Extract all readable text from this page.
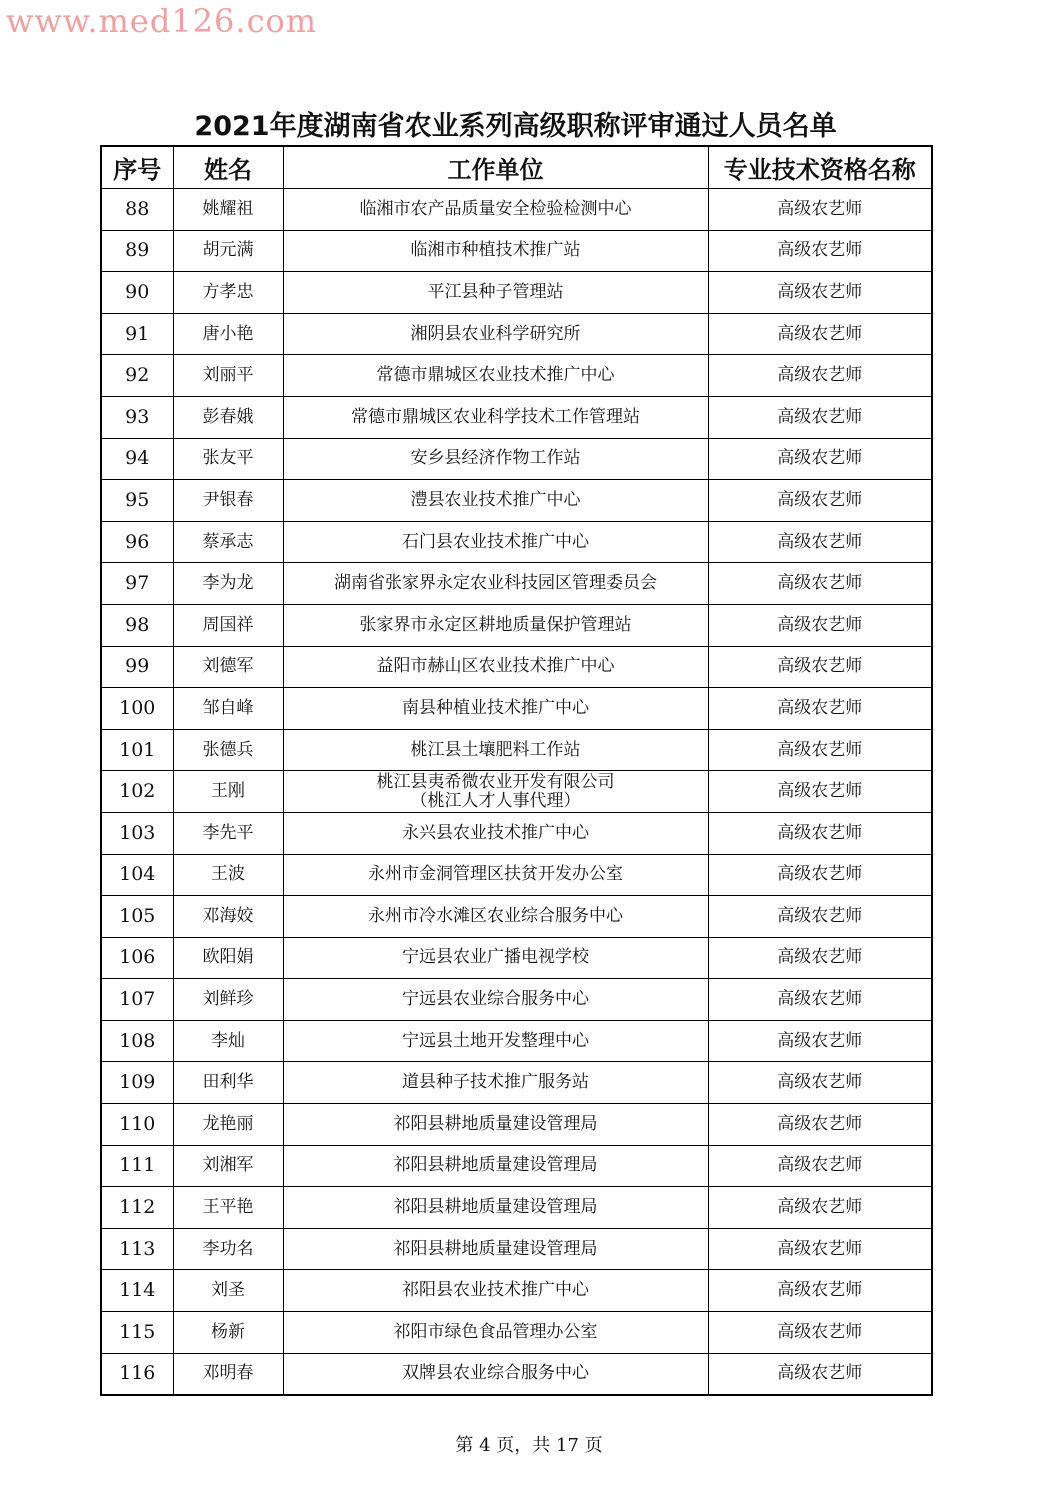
www.med126.com
2021年度湖南省农业系列高级职称评审通过人员名单
序号	姓名	工作单位	专业技术资格名称
88	姚耀祖	临湘市农产品质量安全检验检测中心	高级农艺师
89	胡元满	临湘市种植技术推广站	高级农艺师
90	方孝忠	平江县种子管理站	高级农艺师
91	唐小艳	湘阴县农业科学研究所	高级农艺师
92	刘丽平	常德市鼎城区农业技术推广中心	高级农艺师
93	彭春娥	常德市鼎城区农业科学技术工作管理站	高级农艺师
94	张友平	安乡县经济作物工作站	高级农艺师
95	尹银春	澧县农业技术推广中心	高级农艺师
96	蔡承志	石门县农业技术推广中心	高级农艺师
97	李为龙	湖南省张家界永定农业科技园区管理委员会	高级农艺师
98	周国祥	张家界市永定区耕地质量保护管理站	高级农艺师
99	刘德军	益阳市赫山区农业技术推广中心	高级农艺师
100	邹自峰	南县种植业技术推广中心	高级农艺师
101	张德兵	桃江县土壤肥料工作站	高级农艺师
102	王刚	桃江县夷希微农业开发有限公司
（桃江人才人事代理）	高级农艺师
103	李先平	永兴县农业技术推广中心	高级农艺师
104	王波	永州市金洞管理区扶贫开发办公室	高级农艺师
105	邓海姣	永州市冷水滩区农业综合服务中心	高级农艺师
106	欧阳娟	宁远县农业广播电视学校	高级农艺师
107	刘鲜珍	宁远县农业综合服务中心	高级农艺师
108	李灿	宁远县土地开发整理中心	高级农艺师
109	田利华	道县种子技术推广服务站	高级农艺师
110	龙艳丽	祁阳县耕地质量建设管理局	高级农艺师
111	刘湘军	祁阳县耕地质量建设管理局	高级农艺师
112	王平艳	祁阳县耕地质量建设管理局	高级农艺师
113	李功名	祁阳县耕地质量建设管理局	高级农艺师
114	刘圣	祁阳县农业技术推广中心	高级农艺师
115	杨新	祁阳市绿色食品管理办公室	高级农艺师
116	邓明春	双牌县农业综合服务中心	高级农艺师
第 4 页，共 17 页
